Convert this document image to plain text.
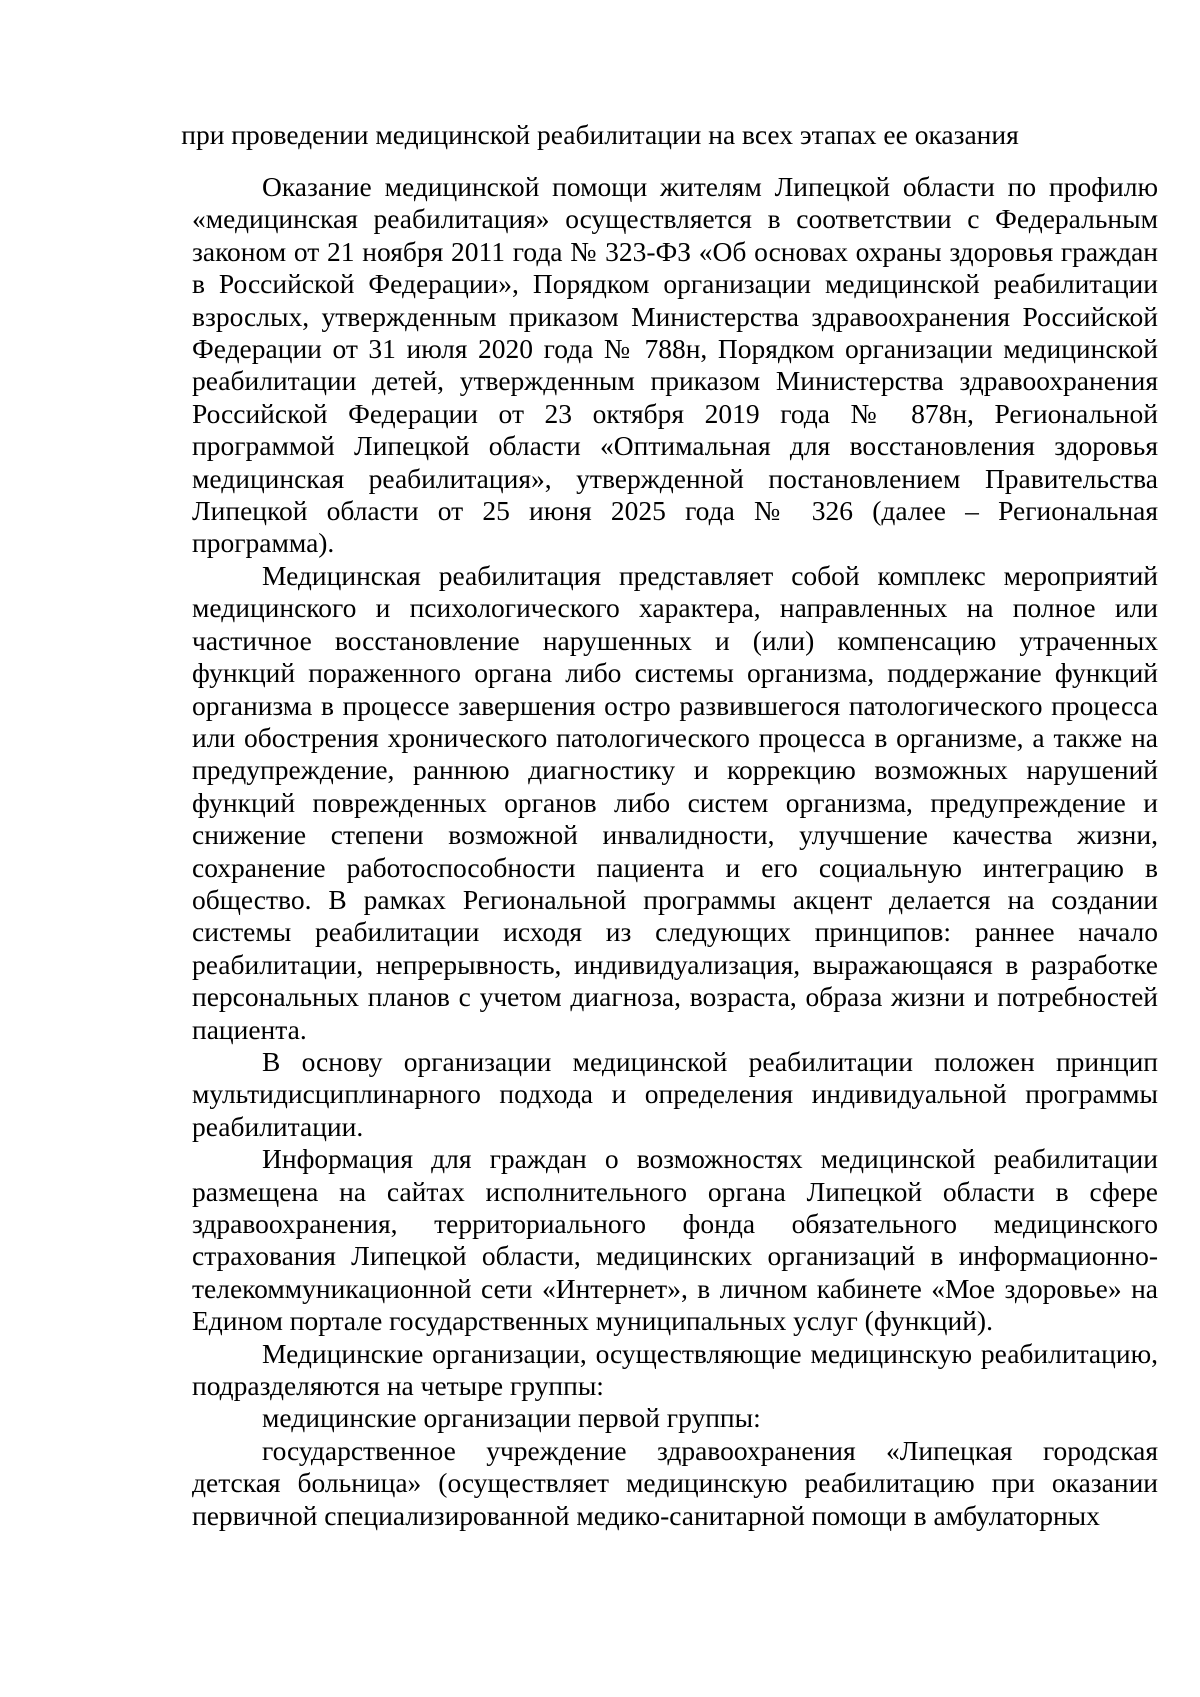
при проведении медицинской реабилитации на всех этапах ее оказания

Оказание медицинской помощи жителям Липецкой области по профилю «медицинская реабилитация» осуществляется в соответствии с Федеральным законом от 21 ноября 2011 года № 323-ФЗ «Об основах охраны здоровья граждан в Российской Федерации», Порядком организации медицинской реабилитации взрослых, утвержденным приказом Министерства здравоохранения Российской Федерации от 31 июля 2020 года № 788н, Порядком организации медицинской реабилитации детей, утвержденным приказом Министерства здравоохранения Российской Федерации от 23 октября 2019 года № 878н, Региональной программой Липецкой области «Оптимальная для восстановления здоровья медицинская реабилитация», утвержденной постановлением Правительства Липецкой области от 25 июня 2025 года № 326 (далее – Региональная программа).

Медицинская реабилитация представляет собой комплекс мероприятий медицинского и психологического характера, направленных на полное или частичное восстановление нарушенных и (или) компенсацию утраченных функций пораженного органа либо системы организма, поддержание функций организма в процессе завершения остро развившегося патологического процесса или обострения хронического патологического процесса в организме, а также на предупреждение, раннюю диагностику и коррекцию возможных нарушений функций поврежденных органов либо систем организма, предупреждение и снижение степени возможной инвалидности, улучшение качества жизни, сохранение работоспособности пациента и его социальную интеграцию в общество. В рамках Региональной программы акцент делается на создании системы реабилитации исходя из следующих принципов: раннее начало реабилитации, непрерывность, индивидуализация, выражающаяся в разработке персональных планов с учетом диагноза, возраста, образа жизни и потребностей пациента.

В основу организации медицинской реабилитации положен принцип мультидисциплинарного подхода и определения индивидуальной программы реабилитации.

Информация для граждан о возможностях медицинской реабилитации размещена на сайтах исполнительного органа Липецкой области в сфере здравоохранения, территориального фонда обязательного медицинского страхования Липецкой области, медицинских организаций в информационно-телекоммуникационной сети «Интернет», в личном кабинете «Мое здоровье» на Едином портале государственных муниципальных услуг (функций).

Медицинские организации, осуществляющие медицинскую реабилитацию, подразделяются на четыре группы:

медицинские организации первой группы:

государственное учреждение здравоохранения «Липецкая городская детская больница» (осуществляет медицинскую реабилитацию при оказании первичной специализированной медико-санитарной помощи в амбулаторных
